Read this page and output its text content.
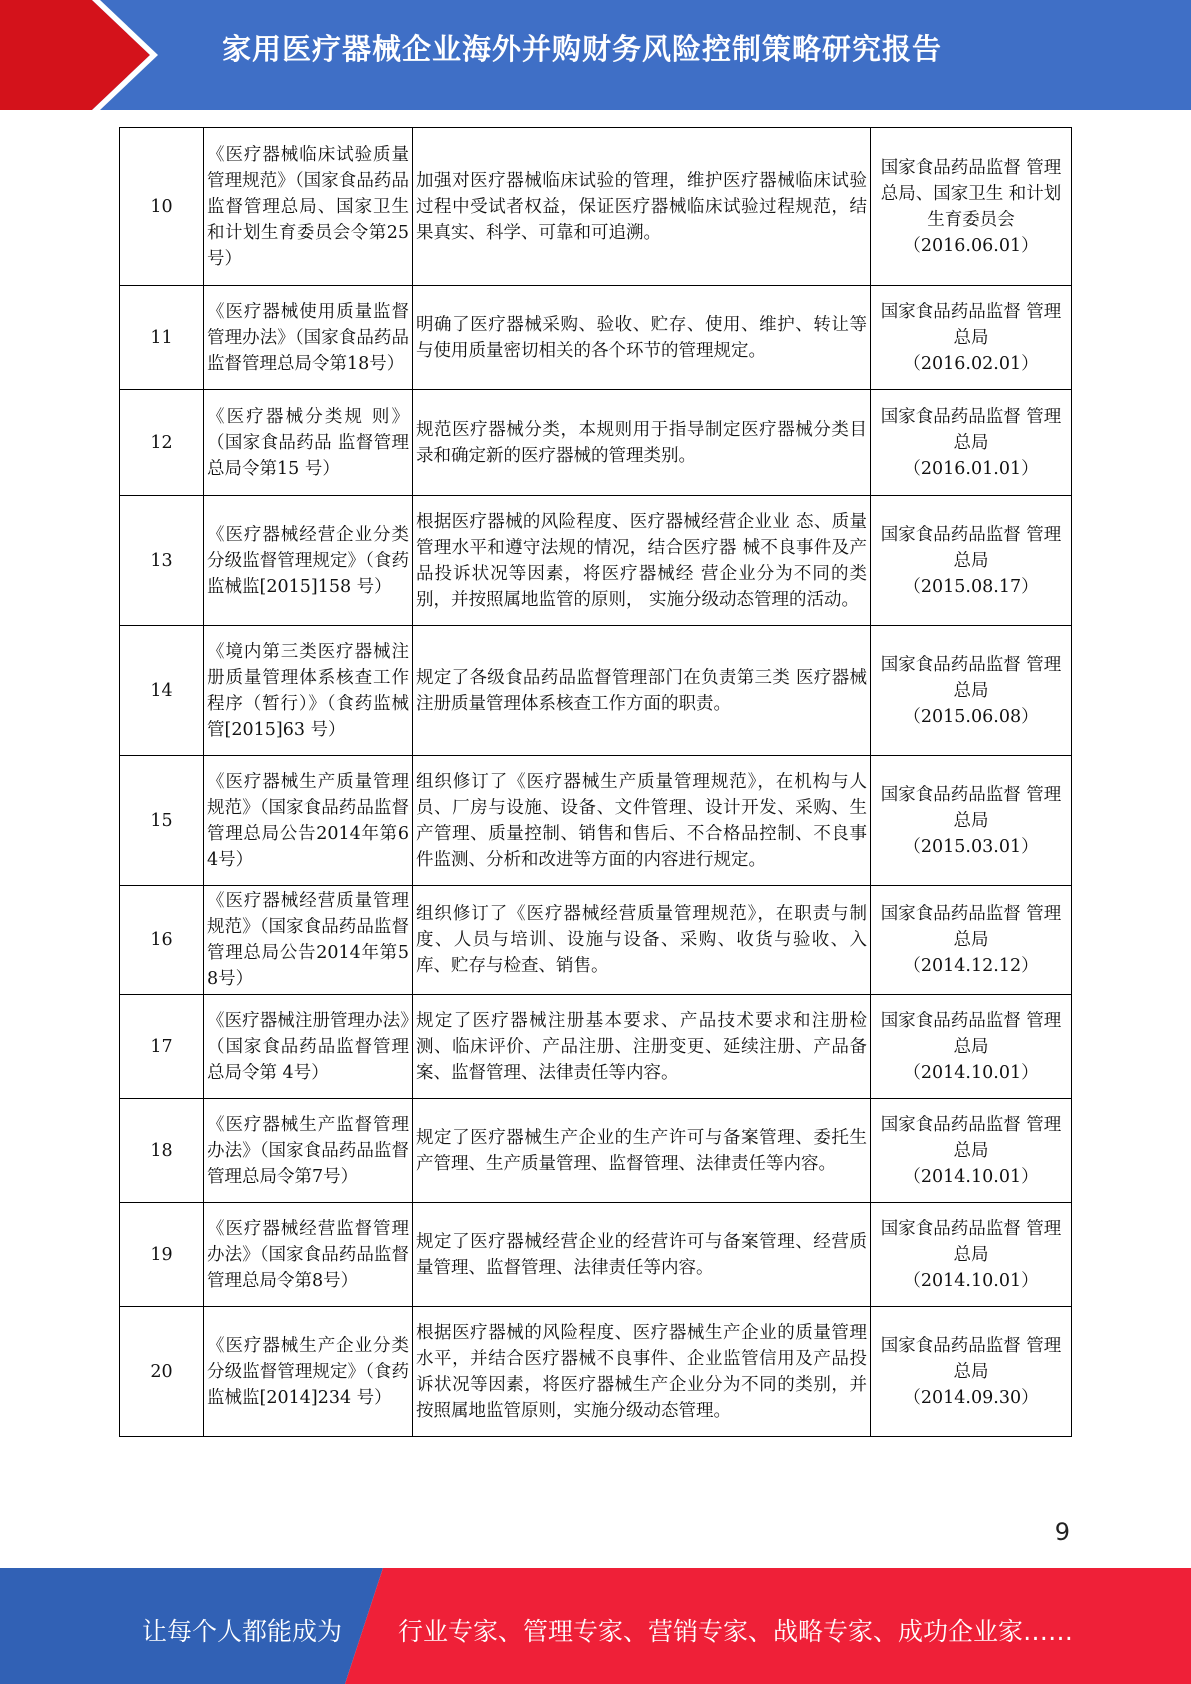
家用医疗器械企业海外并购财务风险控制策略研究报告
10	《医疗器械临床试验质量管理规范》（国家食品药品监督管理总局、国家卫生和计划生育委员会令第25号）	加强对医疗器械临床试验的管理，维护医疗器械临床试验过程中受试者权益，保证医疗器械临床试验过程规范，结果真实、科学、可靠和可追溯。	国家食品药品监督 管理总局、国家卫生 和计划生育委员会
（2016.06.01）

11	《医疗器械使用质量监督管理办法》（国家食品药品监督管理总局令第18号）	明确了医疗器械采购、验收、贮存、使用、维护、转让等与使用质量密切相关的各个环节的管理规定。	国家食品药品监督 管理总局
（2016.02.01）

12	《医疗器械分类规 则》（国家食品药品 监督管理总局令第15 号）	规范医疗器械分类，本规则用于指导制定医疗器械分类目录和确定新的医疗器械的管理类别。	国家食品药品监督 管理总局
（2016.01.01）

13	《医疗器械经营企业分类分级监督管理规定》（食药监械监[2015]158 号）	根据医疗器械的风险程度、医疗器械经营企业业 态、质量管理水平和遵守法规的情况，结合医疗器 械不良事件及产品投诉状况等因素，将医疗器械经 营企业分为不同的类别，并按照属地监管的原则， 实施分级动态管理的活动。	国家食品药品监督 管理总局
（2015.08.17）

14	《境内第三类医疗器械注册质量管理体系核查工作程序（暂行）》（食药监械管[2015]63 号）	规定了各级食品药品监督管理部门在负责第三类 医疗器械注册质量管理体系核查工作方面的职责。	国家食品药品监督 管理总局
（2015.06.08）

15	《医疗器械生产质量管理规范》（国家食品药品监督管理总局公告2014年第64号）	组织修订了《医疗器械生产质量管理规范》，在机构与人员、厂房与设施、设备、文件管理、设计开发、采购、生产管理、质量控制、销售和售后、不合格品控制、不良事件监测、分析和改进等方面的内容进行规定。	国家食品药品监督 管理总局
（2015.03.01）

16	《医疗器械经营质量管理规范》（国家食品药品监督管理总局公告2014年第58号）	组织修订了《医疗器械经营质量管理规范》，在职责与制度、人员与培训、设施与设备、采购、收货与验收、入库、贮存与检查、销售。	国家食品药品监督 管理总局
（2014.12.12）

17	《医疗器械注册管理办法》（国家食品药品监督管理总局令第 4号）	规定了医疗器械注册基本要求、产品技术要求和注册检测、临床评价、产品注册、注册变更、延续注册、产品备案、监督管理、法律责任等内容。	国家食品药品监督 管理总局
（2014.10.01）

18	《医疗器械生产监督管理办法》（国家食品药品监督管理总局令第7号）	规定了医疗器械生产企业的生产许可与备案管理、委托生产管理、生产质量管理、监督管理、法律责任等内容。	国家食品药品监督 管理总局
（2014.10.01）

19	《医疗器械经营监督管理办法》（国家食品药品监督管理总局令第8号）	规定了医疗器械经营企业的经营许可与备案管理、经营质量管理、监督管理、法律责任等内容。	国家食品药品监督 管理总局
（2014.10.01）

20	《医疗器械生产企业分类分级监督管理规定》（食药监械监[2014]234 号）	根据医疗器械的风险程度、医疗器械生产企业的质量管理水平，并结合医疗器械不良事件、企业监管信用及产品投诉状况等因素，将医疗器械生产企业分为不同的类别，并按照属地监管原则，实施分级动态管理。	国家食品药品监督 管理总局
（2014.09.30）
9
让每个人都能成为 行业专家、管理专家、营销专家、战略专家、成功企业家……
